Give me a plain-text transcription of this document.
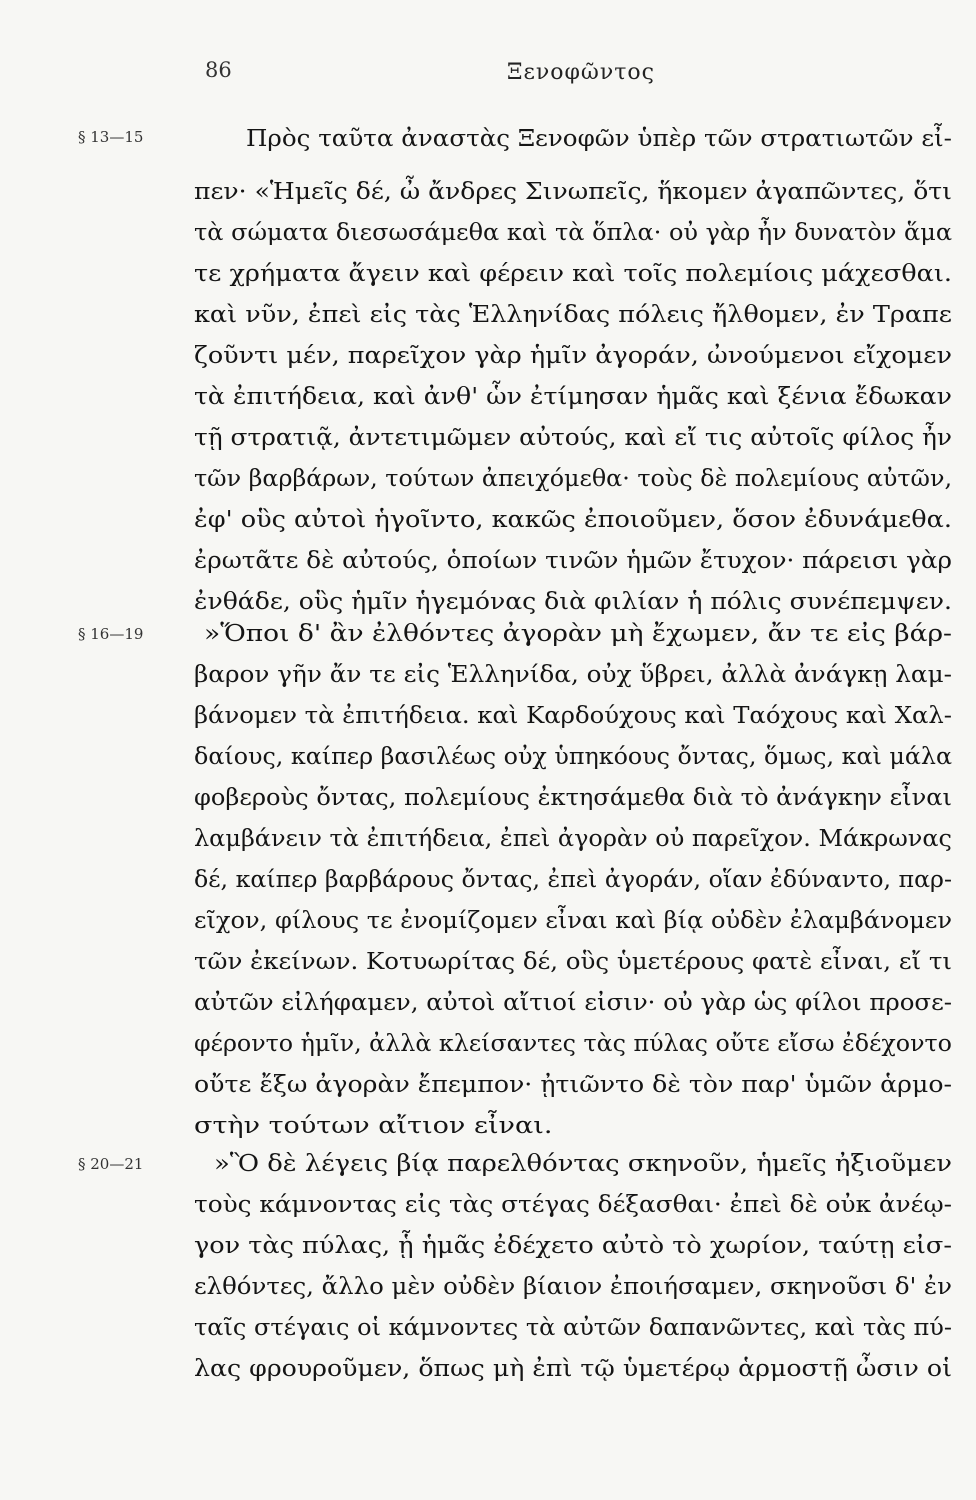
86	Ξενοφῶντος
§ 13—15	Πρὸς ταῦτα ἀναστὰς Ξενοφῶν ὑπὲρ τῶν στρατιωτῶν εἶ-
πεν· «Ἡμεῖς δέ, ὦ ἄνδρες Σινωπεῖς, ἥκομεν ἀγαπῶντες, ὅτι
τὰ σώματα διεσωσάμεθα καὶ τὰ ὅπλα· οὐ γὰρ ἦν δυνατὸν ἅμα
τε χρήματα ἄγειν καὶ φέρειν καὶ τοῖς πολεμίοις μάχεσθαι.
καὶ νῦν, ἐπεὶ εἰς τὰς Ἑλληνίδας πόλεις ἤλθομεν, ἐν Τραπε
ζοῦντι μέν, παρεῖχον γὰρ ἡμῖν ἀγοράν, ὠνούμενοι εἴχομεν
τὰ ἐπιτήδεια, καὶ ἀνθ' ὧν ἐτίμησαν ἡμᾶς καὶ ξένια ἔδωκαν
τῇ στρατιᾷ, ἀντετιμῶμεν αὐτούς, καὶ εἴ τις αὐτοῖς φίλος ἦν
τῶν βαρβάρων, τούτων ἀπειχόμεθα· τοὺς δὲ πολεμίους αὐτῶν,
ἐφ' οὓς αὐτοὶ ἡγοῖντο, κακῶς ἐποιοῦμεν, ὅσον ἐδυνάμεθα.
ἐρωτᾶτε δὲ αὐτούς, ὁποίων τινῶν ἡμῶν ἔτυχον· πάρεισι γὰρ
ἐνθάδε, οὓς ἡμῖν ἡγεμόνας διὰ φιλίαν ἡ πόλις συνέπεμψεν.
§ 16—19	»Ὅποι δ' ἂν ἐλθόντες ἀγορὰν μὴ ἔχωμεν, ἄν τε εἰς βάρ-
βαρον γῆν ἄν τε εἰς Ἑλληνίδα, οὐχ ὕβρει, ἀλλὰ ἀνάγκῃ λαμ-
βάνομεν τὰ ἐπιτήδεια. καὶ Καρδούχους καὶ Ταόχους καὶ Χαλ-
δαίους, καίπερ βασιλέως οὐχ ὑπηκόους ὄντας, ὅμως, καὶ μάλα
φοβεροὺς ὄντας, πολεμίους ἐκτησάμεθα διὰ τὸ ἀνάγκην εἶναι
λαμβάνειν τὰ ἐπιτήδεια, ἐπεὶ ἀγορὰν οὐ παρεῖχον. Μάκρωνας
δέ, καίπερ βαρβάρους ὄντας, ἐπεὶ ἀγοράν, οἵαν ἐδύναντο, παρ-
εῖχον, φίλους τε ἐνομίζομεν εἶναι καὶ βίᾳ οὐδὲν ἐλαμβάνομεν
τῶν ἐκείνων. Κοτυωρίτας δέ, οὓς ὑμετέρους φατὲ εἶναι, εἴ τι
αὐτῶν εἰλήφαμεν, αὐτοὶ αἴτιοί εἰσιν· οὐ γὰρ ὡς φίλοι προσε-
φέροντο ἡμῖν, ἀλλὰ κλείσαντες τὰς πύλας οὔτε εἴσω ἐδέχοντο
οὔτε ἔξω ἀγορὰν ἔπεμπον· ᾐτιῶντο δὲ τὸν παρ' ὑμῶν ἁρμο-
στὴν τούτων αἴτιον εἶναι.
§ 20—21	»Ὃ δὲ λέγεις βίᾳ παρελθόντας σκηνοῦν, ἡμεῖς ἠξιοῦμεν
τοὺς κάμνοντας εἰς τὰς στέγας δέξασθαι· ἐπεὶ δὲ οὐκ ἀνέῳ-
γον τὰς πύλας, ᾗ ἡμᾶς ἐδέχετο αὐτὸ τὸ χωρίον, ταύτῃ εἰσ-
ελθόντες, ἄλλο μὲν οὐδὲν βίαιον ἐποιήσαμεν, σκηνοῦσι δ' ἐν
ταῖς στέγαις οἱ κάμνοντες τὰ αὐτῶν δαπανῶντες, καὶ τὰς πύ-
λας φρουροῦμεν, ὅπως μὴ ἐπὶ τῷ ὑμετέρῳ ἁρμοστῇ ὦσιν οἱ
